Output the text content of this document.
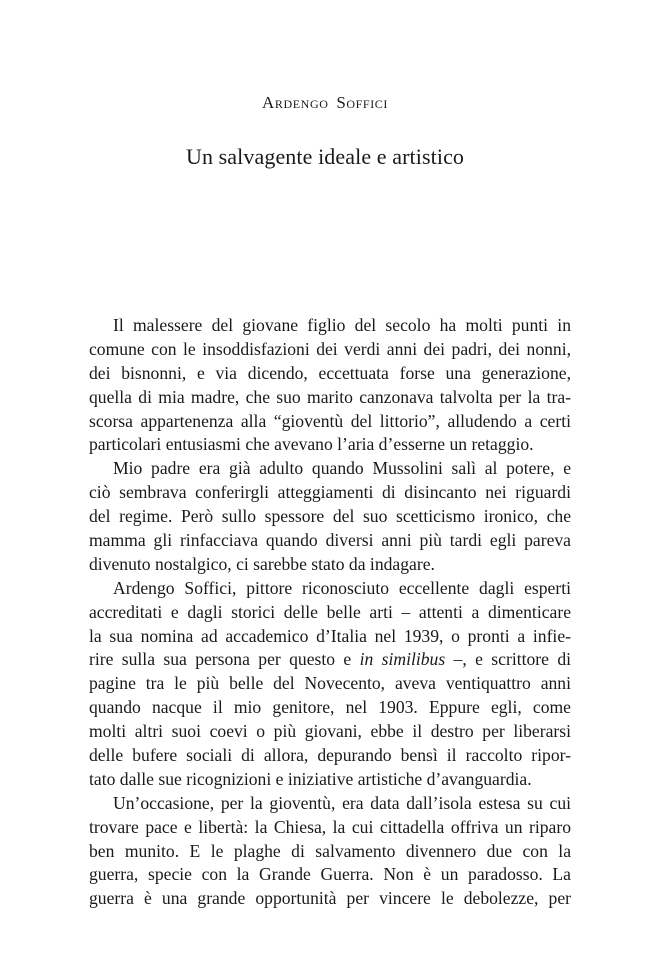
Ardengo Soffici
Un salvagente ideale e artistico
Il malessere del giovane figlio del secolo ha molti punti in
comune con le insoddisfazioni dei verdi anni dei padri, dei nonni,
dei bisnonni, e via dicendo, eccettuata forse una generazione,
quella di mia madre, che suo marito canzonava talvolta per la tra-
scorsa appartenenza alla “gioventù del littorio”, alludendo a certi
particolari entusiasmi che avevano l’aria d’esserne un retaggio.
Mio padre era già adulto quando Mussolini salì al potere, e
ciò sembrava conferirgli atteggiamenti di disincanto nei riguardi
del regime. Però sullo spessore del suo scetticismo ironico, che
mamma gli rinfacciava quando diversi anni più tardi egli pareva
divenuto nostalgico, ci sarebbe stato da indagare.
Ardengo Soffici, pittore riconosciuto eccellente dagli esperti
accreditati e dagli storici delle belle arti – attenti a dimenticare
la sua nomina ad accademico d’Italia nel 1939, o pronti a infie-
rire sulla sua persona per questo e in similibus –, e scrittore di
pagine tra le più belle del Novecento, aveva ventiquattro anni
quando nacque il mio genitore, nel 1903. Eppure egli, come
molti altri suoi coevi o più giovani, ebbe il destro per liberarsi
delle bufere sociali di allora, depurando bensì il raccolto ripor-
tato dalle sue ricognizioni e iniziative artistiche d’avanguardia.
Un’occasione, per la gioventù, era data dall’isola estesa su cui
trovare pace e libertà: la Chiesa, la cui cittadella offriva un riparo
ben munito. E le plaghe di salvamento divennero due con la
guerra, specie con la Grande Guerra. Non è un paradosso. La
guerra è una grande opportunità per vincere le debolezze, per
